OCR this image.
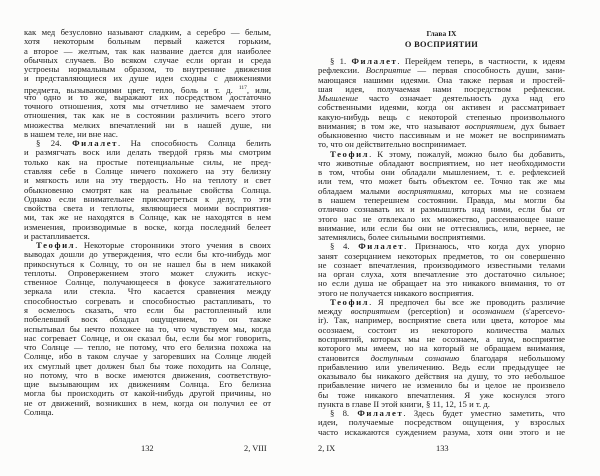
как мед безусловно называют сладким, а серебро — белым,
хотя некоторым больным первый кажется горьким,
а второе — желтым, так как название дается для наиболее
обычных случаев. Во всяком случае если орган и среда
устроены нормальным образом, то внутренние движения
и представляющиеся их душе идеи сходны с движениями
предмета, вызывающими цвет, тепло, боль и т. д. $^{117}$, или,
что одно и то же, выражают их посредством достаточно
точного отношения, хотя мы отчетливо не замечаем этого
отношения, так как не в состоянии различить всего этого
множества мелких впечатлений ни в нашей душе, ни
в нашем теле, ни вне нас.
§ 24. Филалет. На способность Солнца белить
и размягчать воск или делать твердой грязь мы смотрим
только как на простые потенциальные силы, не пред-
ставляя себе в Солнце ничего похожего на эту белизну
и мягкость или на эту твердость. Но на теплоту и свет
обыкновенно смотрят как на реальные свойства Солнца.
Однако если внимательнее присмотреться к делу, то эти
свойства света и теплоты, являющиеся моими восприятия-
ми, так же не находятся в Солнце, как не находятся в нем
изменения, производимые в воске, когда последний белеет
и растапливается.
Теофил. Некоторые сторонники этого учения в своих
выводах дошли до утверждения, что если бы кто-нибудь мог
прикоснуться к Солнцу, то он не нашел бы в нем никакой
теплоты. Опровержением этого может служить искус-
ственное Солнце, получающееся в фокусе зажигательного
зеркала или стекла. Что касается сравнения между
способностью согревать и способностью растапливать, то
я осмелюсь сказать, что если бы растопленный или
побелевший воск обладал ощущением, то он также
испытывал бы нечто похожее на то, что чувствуем мы, когда
нас согревает Солнце, и он сказал бы, если бы мог говорить,
что Солнце — тепло, не потому, что его белизна похожа на
Солнце, ибо в таком случае у загоревших на Солнце людей
их смуглый цвет должен был бы тоже походить на Солнце,
но потому, что в воске имеются движения, соответствую-
щие вызывающим их движениям Солнца. Его белизна
могла бы происходить от какой-нибудь другой причины, но
не от движений, возникших в нем, когда он получил ее от
Солнца.
132	2, VIII
Глава IX
О ВОСПРИЯТИИ
§ 1. Филалет. Перейдем теперь, в частности, к идеям
рефлексии. Восприятие — первая способность души, зани-
мающаяся нашими идеями. Она также первая и простей-
шая идея, получаемая нами посредством рефлексии.
Мышление часто означает деятельность духа над его
собственными идеями, когда он активен и рассматривает
какую-нибудь вещь с некоторой степенью произвольного
внимания; в том же, что называют восприятием, дух бывает
обыкновенно чисто пассивным и не может не воспринимать
то, что он действительно воспринимает.
Теофил. К этому, пожалуй, можно было бы добавить,
что животные обладают восприятием, но нет необходимости
в том, чтобы они обладали мышлением, т. е. рефлексией
или тем, что может быть объектом ее. Точно так же мы
обладаем малыми восприятиями, которых мы не сознаем
в нашем теперешнем состоянии. Правда, мы могли бы
отлично сознавать их и размышлять над ними, если бы от
этого нас не отвлекало их множество, рассеивающее наше
внимание, или если бы они не оттеснялись, или, вернее, не
затемнялись, более сильными восприятиями.
§ 4. Филалет. Признаюсь, что когда дух упорно
занят созерцанием некоторых предметов, то он совершенно
не сознает впечатления, производимого известными телами
на орган слуха, хотя впечатление это достаточно сильное;
но если душа не обращает на это никакого внимания, то от
этого не получается никакого восприятия.
Теофил. Я предпочел бы все же проводить различие
между восприятием (perception) и осознанием (s'apercevo-
ir). Так, например, восприятие света или цвета, которое мы
осознаем, состоит из некоторого количества малых
восприятий, которых мы не осознаем, а шум, восприятие
которого мы имеем, но на который не обращаем внимания,
становится доступным сознанию благодаря небольшому
прибавлению или увеличению. Ведь если предыдущее не
оказывало бы никакого действия на душу, то это небольшое
прибавление ничего не изменило бы и целое не произвело
бы тоже никакого впечатления. Я уже коснулся этого
пункта в главе II этой книги, § 11, 12, 15 и т. д.
§ 8. Филалет. Здесь будет уместно заметить, что
идеи, получаемые посредством ощущения, у взрослых
часто искажаются суждением разума, хотя они этого и не
2, IX	133
